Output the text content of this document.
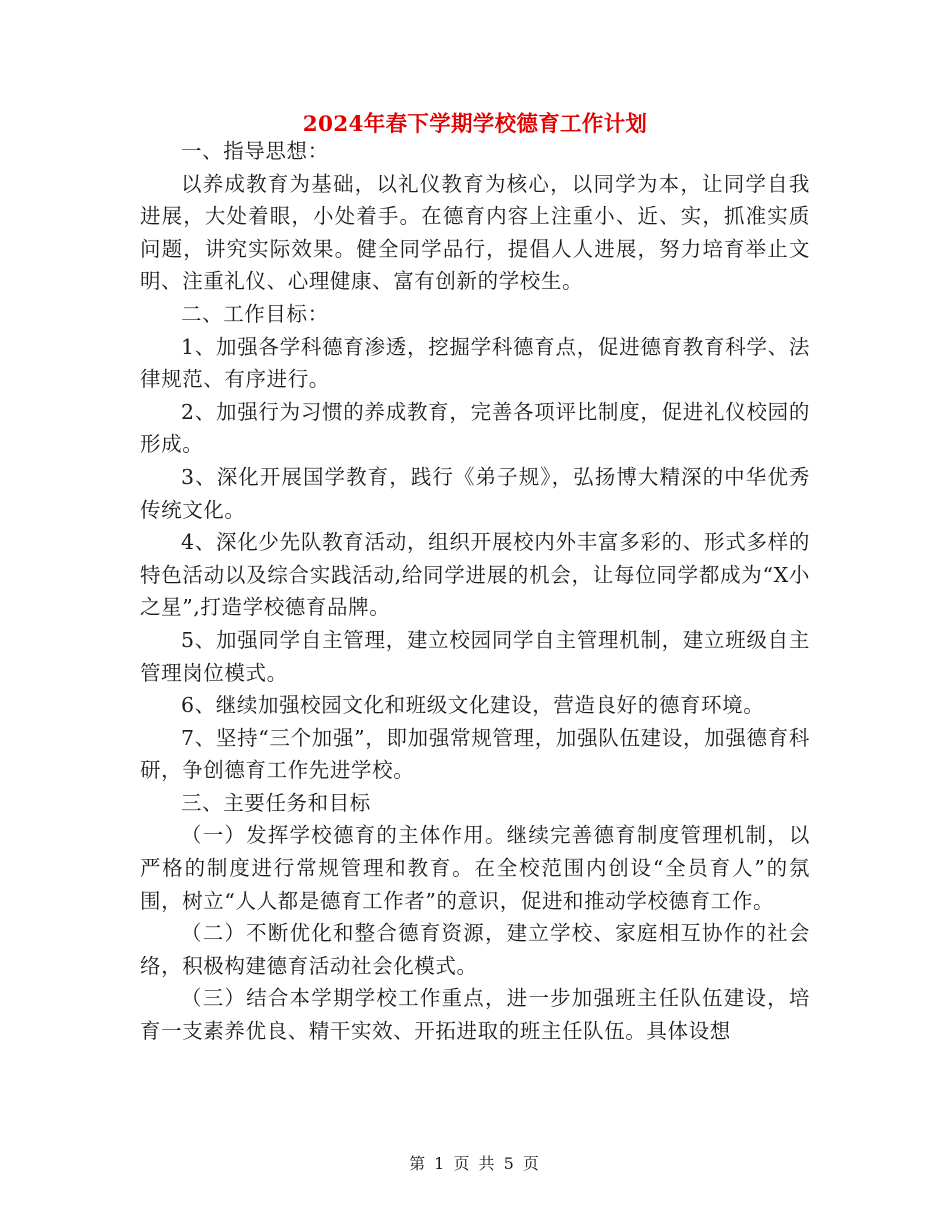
2024年春下学期学校德育工作计划

一、指导思想：

以养成教育为基础，以礼仪教育为核心，以同学为本，让同学自我进展，大处着眼，小处着手。在德育内容上注重小、近、实，抓准实质问题，讲究实际效果。健全同学品行，提倡人人进展，努力培育举止文明、注重礼仪、心理健康、富有创新的学校生。

二、工作目标：

1、加强各学科德育渗透，挖掘学科德育点，促进德育教育科学、法律规范、有序进行。

2、加强行为习惯的养成教育，完善各项评比制度，促进礼仪校园的形成。

3、深化开展国学教育，践行《弟子规》，弘扬博大精深的中华优秀传统文化。

4、深化少先队教育活动，组织开展校内外丰富多彩的、形式多样的特色活动以及综合实践活动,给同学进展的机会，让每位同学都成为“X小之星”,打造学校德育品牌。

5、加强同学自主管理，建立校园同学自主管理机制，建立班级自主管理岗位模式。

6、继续加强校园文化和班级文化建设，营造良好的德育环境。

7、坚持“三个加强”，即加强常规管理，加强队伍建设，加强德育科研，争创德育工作先进学校。

三、主要任务和目标

（一）发挥学校德育的主体作用。继续完善德育制度管理机制，以严格的制度进行常规管理和教育。在全校范围内创设“全员育人”的氛围，树立“人人都是德育工作者”的意识，促进和推动学校德育工作。

（二）不断优化和整合德育资源，建立学校、家庭相互协作的社会络，积极构建德育活动社会化模式。

（三）结合本学期学校工作重点，进一步加强班主任队伍建设，培育一支素养优良、精干实效、开拓进取的班主任队伍。具体设想

第 1 页 共 5 页
